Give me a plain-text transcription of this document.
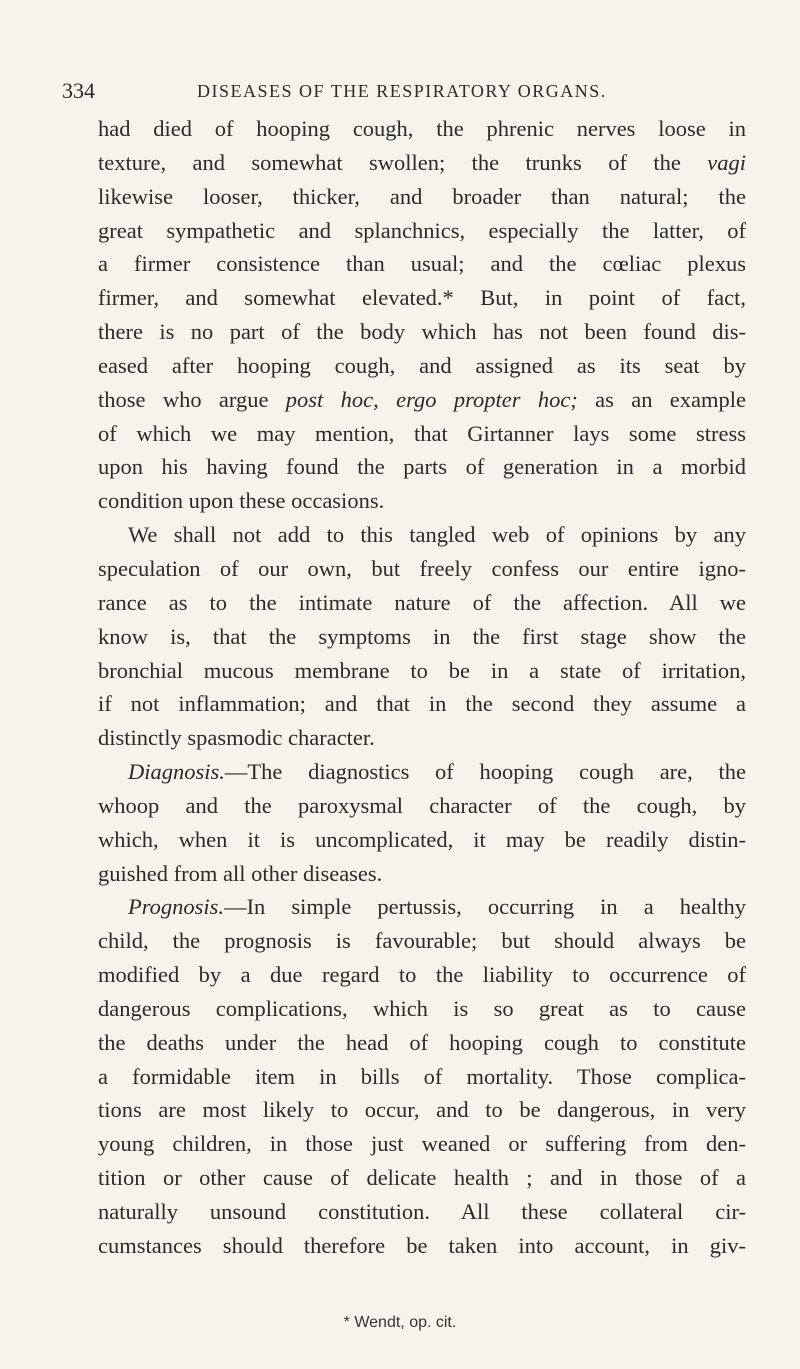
334	DISEASES OF THE RESPIRATORY ORGANS.
had died of hooping cough, the phrenic nerves loose in
texture, and somewhat swollen; the trunks of the vagi
likewise looser, thicker, and broader than natural; the
great sympathetic and splanchnics, especially the latter, of
a firmer consistence than usual; and the cœliac plexus
firmer, and somewhat elevated.* But, in point of fact,
there is no part of the body which has not been found dis-
eased after hooping cough, and assigned as its seat by
those who argue post hoc, ergo propter hoc; as an example
of which we may mention, that Girtanner lays some stress
upon his having found the parts of generation in a morbid
condition upon these occasions.
We shall not add to this tangled web of opinions by any
speculation of our own, but freely confess our entire igno-
rance as to the intimate nature of the affection. All we
know is, that the symptoms in the first stage show the
bronchial mucous membrane to be in a state of irritation,
if not inflammation; and that in the second they assume a
distinctly spasmodic character.
Diagnosis.—The diagnostics of hooping cough are, the
whoop and the paroxysmal character of the cough, by
which, when it is uncomplicated, it may be readily distin-
guished from all other diseases.
Prognosis.—In simple pertussis, occurring in a healthy
child, the prognosis is favourable; but should always be
modified by a due regard to the liability to occurrence of
dangerous complications, which is so great as to cause
the deaths under the head of hooping cough to constitute
a formidable item in bills of mortality. Those complica-
tions are most likely to occur, and to be dangerous, in very
young children, in those just weaned or suffering from den-
tition or other cause of delicate health ; and in those of a
naturally unsound constitution. All these collateral cir-
cumstances should therefore be taken into account, in giv-
* Wendt, op. cit.
